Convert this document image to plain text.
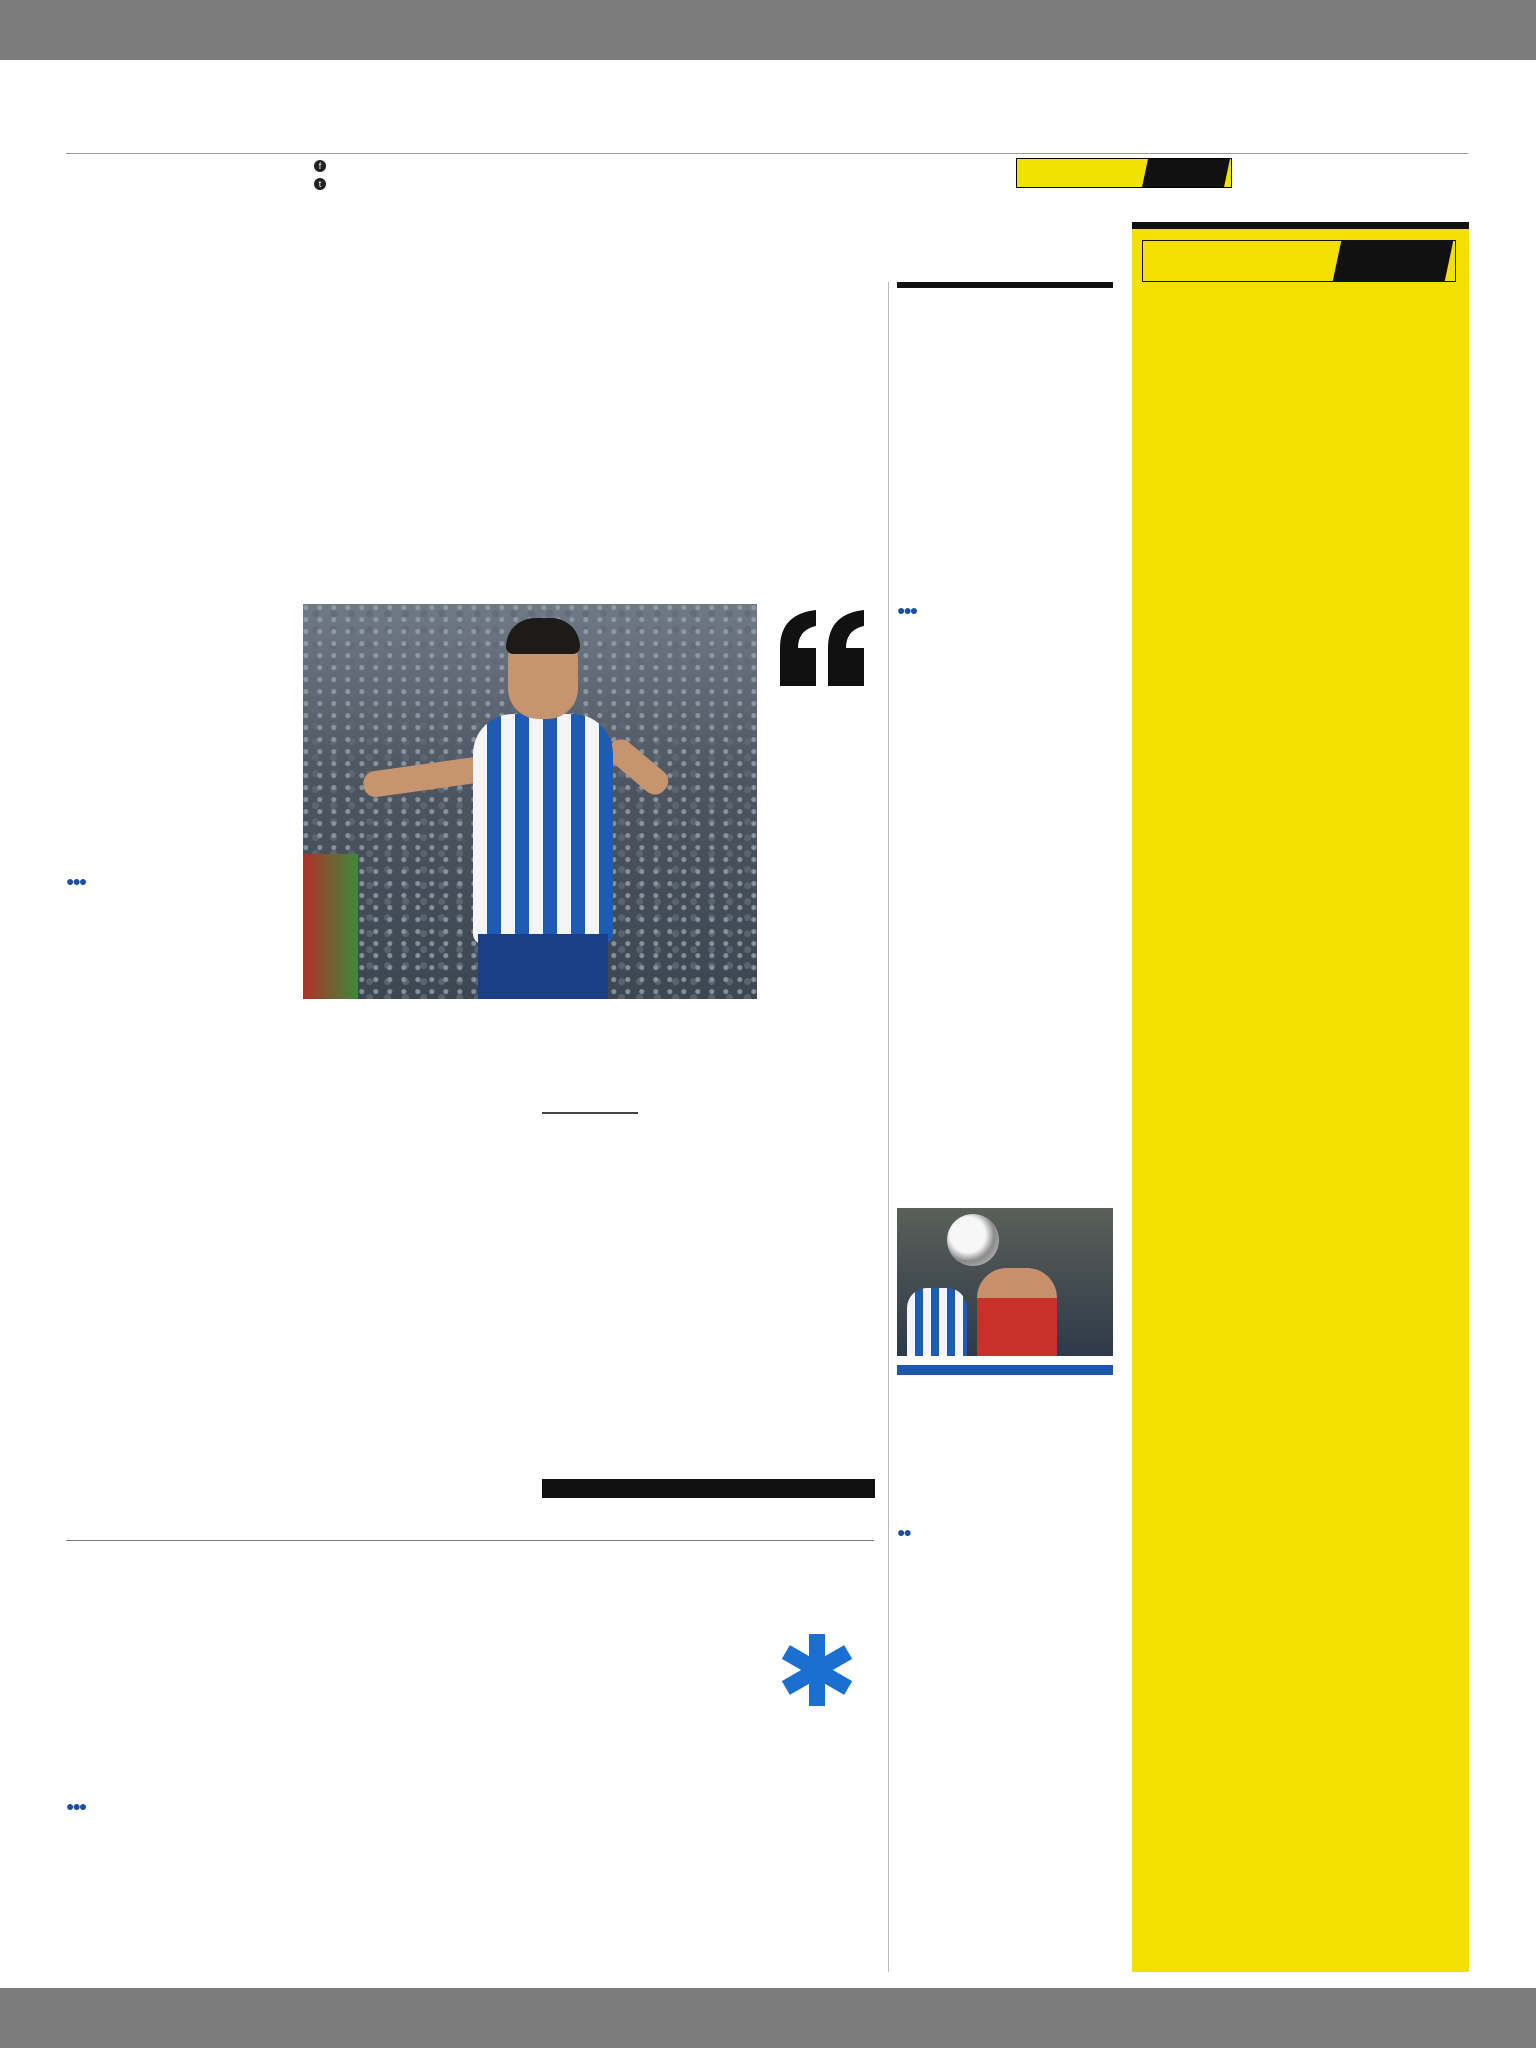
f
t
●●●

●●●
●●
●●●
